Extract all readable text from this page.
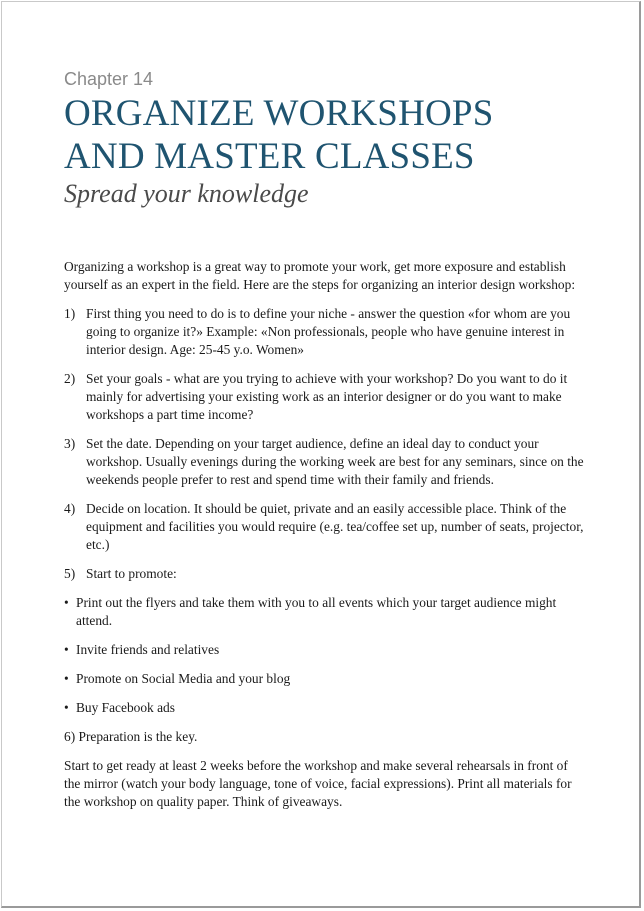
Chapter 14

ORGANIZE WORKSHOPS
AND MASTER CLASSES

Spread your knowledge

Organizing a workshop is a great way to promote your work, get more exposure and establish yourself as an expert in the field. Here are the steps for organizing an interior design workshop:

1) First thing you need to do is to define your niche - answer the question «for whom are you going to organize it?» Example: «Non professionals, people who have genuine interest in interior design. Age: 25-45 y.o. Women»
2) Set your goals - what are you trying to achieve with your workshop? Do you want to do it mainly for advertising your existing work as an interior designer or do you want to make workshops a part time income?
3) Set the date. Depending on your target audience, define an ideal day to conduct your workshop. Usually evenings during the working week are best for any seminars, since on the weekends people prefer to rest and spend time with their family and friends.
4) Decide on location. It should be quiet, private and an easily accessible place. Think of the equipment and facilities you would require (e.g. tea/coffee set up, number of seats, projector, etc.)
5) Start to promote:
• Print out the flyers and take them with you to all events which your target audience might attend.
• Invite friends and relatives
• Promote on Social Media and your blog
• Buy Facebook ads

6) Preparation is the key.

Start to get ready at least 2 weeks before the workshop and make several rehearsals in front of the mirror (watch your body language, tone of voice, facial expressions). Print all materials for the workshop on quality paper. Think of giveaways.
